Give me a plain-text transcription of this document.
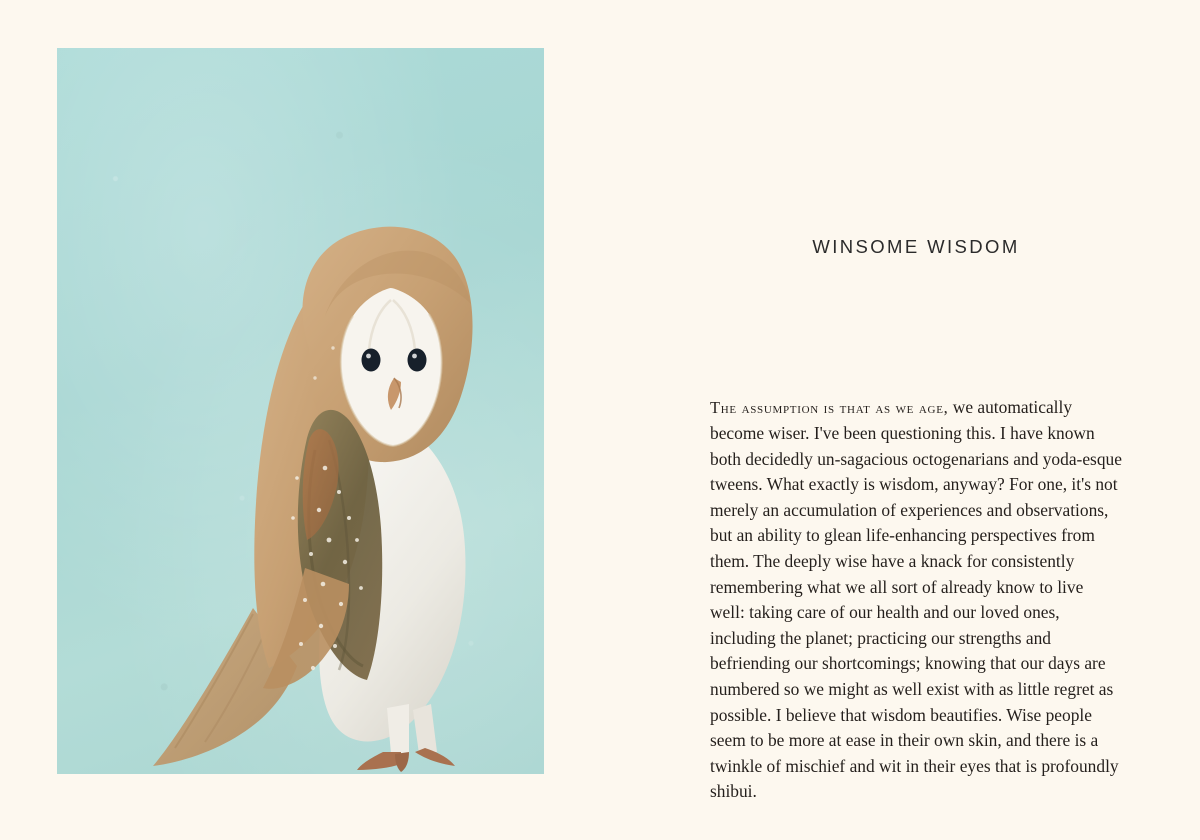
WINSOME WISDOM

The assumption is that as we age, we automatically become wiser. I've been questioning this. I have known both decidedly un-sagacious octogenarians and yoda-esque tweens. What exactly is wisdom, anyway? For one, it's not merely an accumulation of experiences and observations, but an ability to glean life-enhancing perspectives from them. The deeply wise have a knack for consistently remembering what we all sort of already know to live well: taking care of our health and our loved ones, including the planet; practicing our strengths and befriending our shortcomings; knowing that our days are numbered so we might as well exist with as little regret as possible. I believe that wisdom beautifies. Wise people seem to be more at ease in their own skin, and there is a twinkle of mischief and wit in their eyes that is profoundly shibui.
